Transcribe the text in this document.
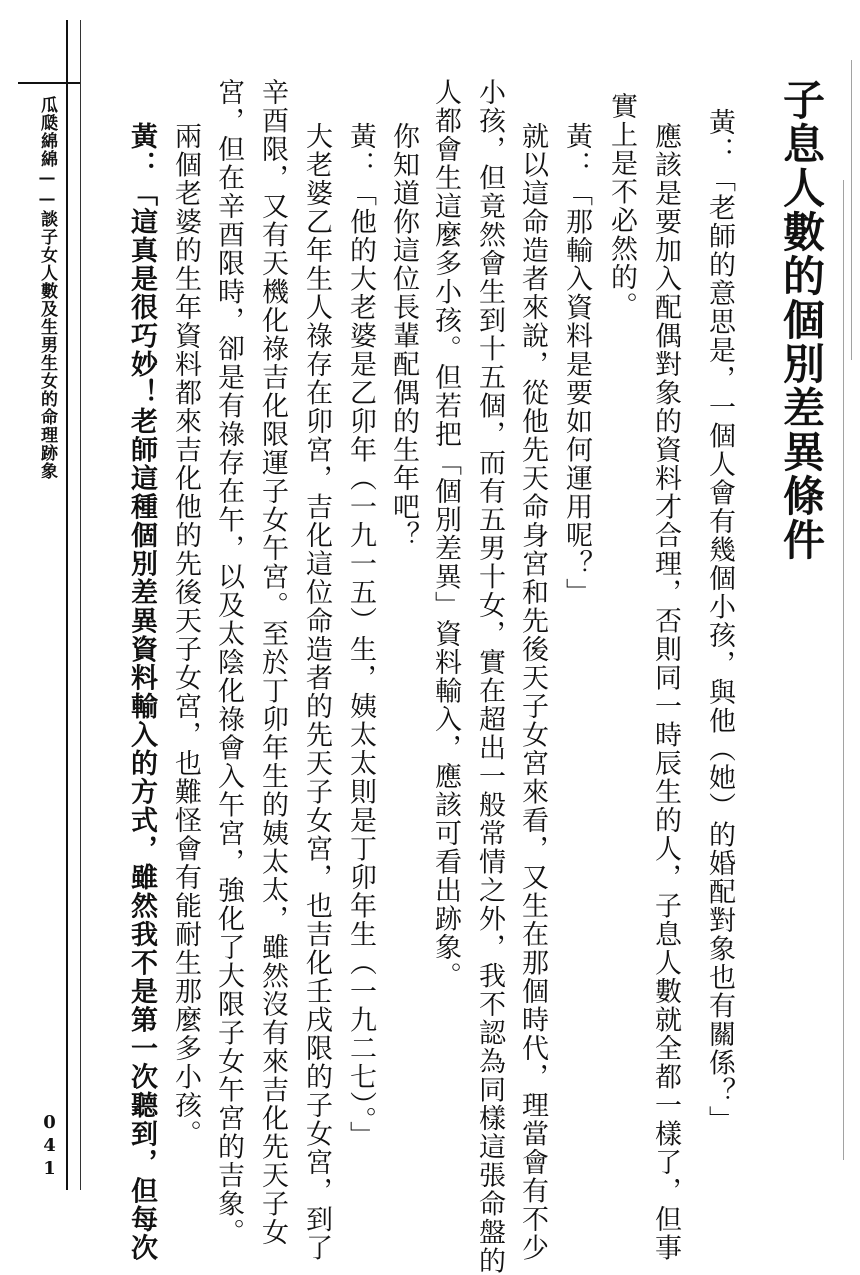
子息人數的個別差異條件
黃：「老師的意思是，一個人會有幾個小孩，與他（她）的婚配對象也有關係？」
應該是要加入配偶對象的資料才合理，否則同一時辰生的人，子息人數就全都一樣了，但事
實上是不必然的。
黃：「那輸入資料是要如何運用呢？」
就以這命造者來說，從他先天命身宮和先後天子女宮來看，又生在那個時代，理當會有不少
小孩，但竟然會生到十五個，而有五男十女，實在超出一般常情之外，我不認為同樣這張命盤的
人都會生這麼多小孩。但若把「個別差異」資料輸入，應該可看出跡象。
你知道你這位長輩配偶的生年吧？
黃：「他的大老婆是乙卯年（一九一五）生，姨太太則是丁卯年生（一九二七）。」
大老婆乙年生人祿存在卯宮，吉化這位命造者的先天子女宮，也吉化壬戌限的子女宮，到了
辛酉限，又有天機化祿吉化限運子女午宮。至於丁卯年生的姨太太，雖然沒有來吉化先天子女
宮，但在辛酉限時，卻是有祿存在午，以及太陰化祿會入午宮，強化了大限子女午宮的吉象。
兩個老婆的生年資料都來吉化他的先後天子女宮，也難怪會有能耐生那麼多小孩。
黃：「這真是很巧妙！老師這種個別差異資料輸入的方式，雖然我不是第一次聽到，但每次
瓜瓞綿綿——談子女人數及生男生女的命理跡象
041
